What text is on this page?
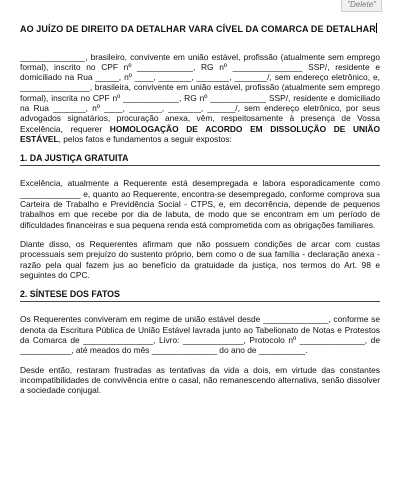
"Delete"
AO JUÍZO DE DIREITO DA DETALHAR VARA CÍVEL DA COMARCA DE DETALHAR

______________, brasileiro, convivente em união estável, profissão (atualmente sem emprego formal), inscrito no CPF nº ____________, RG nº _______________ SSP/, residente e domiciliado na Rua _____, nº ____, _______, _______, _______/, sem endereço eletrônico, e, _______________, brasileira, convivente em união estável, profissão (atualmente sem emprego formal), inscrita no CPF nº ____________, RG nº ____________ SSP/, residente e domiciliado na Rua _______, nº ____, _______, _______, ______/, sem endereço eletrônico, por seus advogados signatários, procuração anexa, vêm, respeitosamente à presença de Vossa Excelência, requerer HOMOLOGAÇÃO DE ACORDO EM DISSOLUÇÃO DE UNIÃO ESTÁVEL, pelos fatos e fundamentos a seguir expostos:

1. DA JUSTIÇA GRATUITA

Excelência, atualmente a Requerente está desempregada e labora esporadicamente como _____________ e, quanto ao Requerente, encontra-se desempregado, conforme comprova sua Carteira de Trabalho e Previdência Social - CTPS, e, em decorrência, depende de pequenos trabalhos em que recebe por dia de labuta, de modo que se encontram em um período de dificuldades financeiras e sua pequena renda está comprometida com as obrigações familiares.

Diante disso, os Requerentes afirmam que não possuem condições de arcar com custas processuais sem prejuízo do sustento próprio, bem como o de sua família - declaração anexa - razão pela qual fazem jus ao benefício da gratuidade da justiça, nos termos do Art. 98 e seguintes do CPC.

2. SÍNTESE DOS FATOS

Os Requerentes conviveram em regime de união estável desde ______________, conforme se denota da Escritura Pública de União Estável lavrada junto ao Tabelionato de Notas e Protestos da Comarca de _______________, Livro: _____________, Protocolo nº ______________, de ___________, até meados do mês ______________ do ano de __________.

Desde então, restaram frustradas as tentativas da vida a dois, em virtude das constantes incompatibilidades de convivência entre o casal, não remanescendo alternativa, senão dissolver a sociedade conjugal.
